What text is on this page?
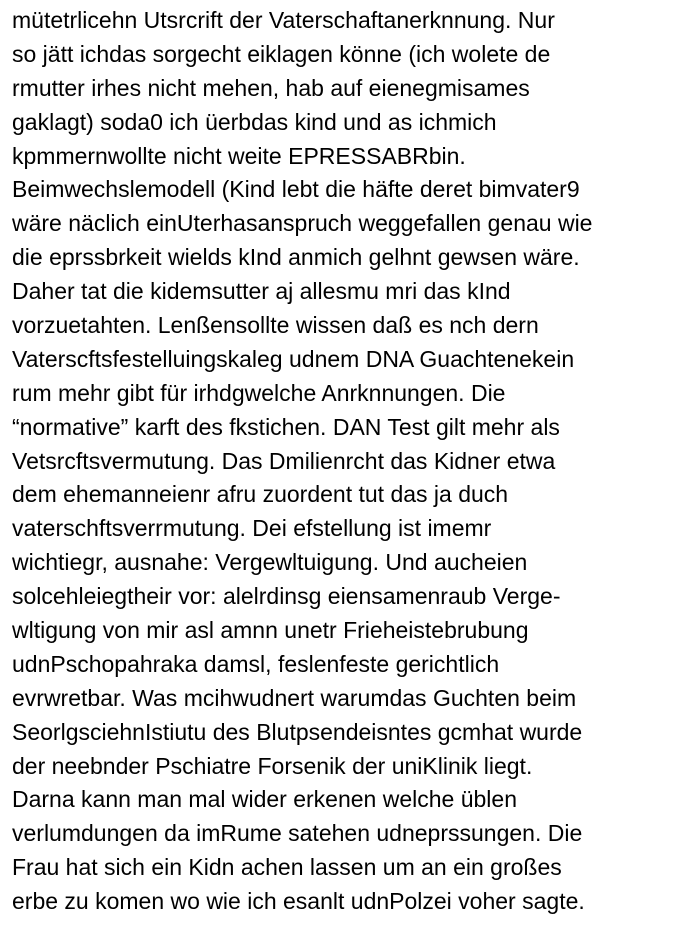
mütetrlicehn Utsrcrift der Vaterschaftanerknnung. Nur
so jätt ichdas sorgecht eiklagen könne (ich wolete de
rmutter irhes nicht mehen, hab auf eienegmisames
gaklagt) soda0 ich üerbdas kind und as ichmich
kpmmernwollte nicht weite EPRESSABRbin.
Beimwechslemodell (Kind lebt die häfte deret bimvater9
wäre näclich einUterhasanspruch weggefallen genau wie
die eprssbrkeit wields kInd anmich gelhnt gewsen wäre.
Daher tat die kidemsutter aj allesmu mri das kInd
vorzuetahten. Lenßensollte wissen daß es nch dern
Vaterscftsfestelluingskaleg udnem DNA Guachtenekein
rum mehr gibt für irhdgwelche Anrknnungen. Die
“normative” karft des fkstichen. DAN Test gilt mehr als
Vetsrcftsvermutung. Das Dmilienrcht das Kidner etwa
dem ehemanneienr afru zuordent tut das ja duch
vaterschftsverrmutung. Dei efstellung ist imemr
wichtiegr, ausnahe: Vergewltuigung. Und aucheien
solcehleiegtheir vor: alelrdinsg eiensamenraub Verge-
wltigung von mir asl amnn unetr Frieheistebrubung
udnPschopahraka damsl, feslenfeste gerichtlich
evrwretbar. Was mcihwudnert warumdas Guchten beim
SeorlgsciehnIstiutu des Blutpsendeisntes gcmhat wurde
der neebnder Pschiatre Forsenik der uniKlinik liegt.
Darna kann man mal wider erkenen welche üblen
verlumdungen da imRume satehen udneprssungen. Die
Frau hat sich ein Kidn achen lassen um an ein großes
erbe zu komen wo wie ich esanlt udnPolzei voher sagte.
